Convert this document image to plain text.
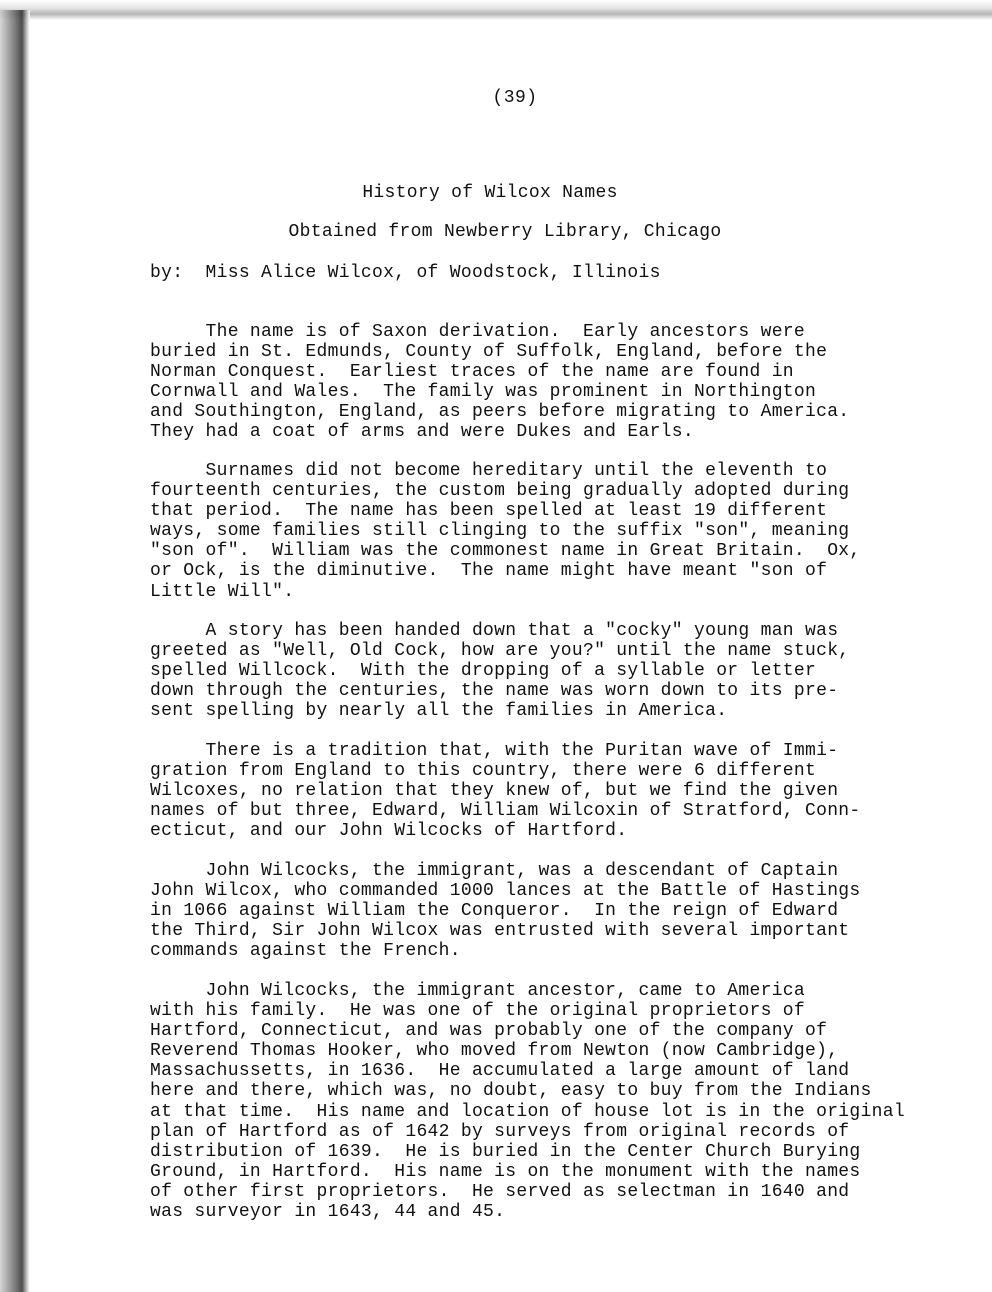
(39)
History of Wilcox Names
Obtained from Newberry Library, Chicago
by:  Miss Alice Wilcox, of Woodstock, Illinois
The name is of Saxon derivation.  Early ancestors were
buried in St. Edmunds, County of Suffolk, England, before the
Norman Conquest.  Earliest traces of the name are found in
Cornwall and Wales.  The family was prominent in Northington
and Southington, England, as peers before migrating to America.
They had a coat of arms and were Dukes and Earls.
Surnames did not become hereditary until the eleventh to
fourteenth centuries, the custom being gradually adopted during
that period.  The name has been spelled at least 19 different
ways, some families still clinging to the suffix "son", meaning
"son of".  William was the commonest name in Great Britain.  Ox,
or Ock, is the diminutive.  The name might have meant "son of
Little Will".
A story has been handed down that a "cocky" young man was
greeted as "Well, Old Cock, how are you?" until the name stuck,
spelled Willcock.  With the dropping of a syllable or letter
down through the centuries, the name was worn down to its pre-
sent spelling by nearly all the families in America.
There is a tradition that, with the Puritan wave of Immi-
gration from England to this country, there were 6 different
Wilcoxes, no relation that they knew of, but we find the given
names of but three, Edward, William Wilcoxin of Stratford, Conn-
ecticut, and our John Wilcocks of Hartford.
John Wilcocks, the immigrant, was a descendant of Captain
John Wilcox, who commanded 1000 lances at the Battle of Hastings
in 1066 against William the Conqueror.  In the reign of Edward
the Third, Sir John Wilcox was entrusted with several important
commands against the French.
John Wilcocks, the immigrant ancestor, came to America
with his family.  He was one of the original proprietors of
Hartford, Connecticut, and was probably one of the company of
Reverend Thomas Hooker, who moved from Newton (now Cambridge),
Massachussetts, in 1636.  He accumulated a large amount of land
here and there, which was, no doubt, easy to buy from the Indians
at that time.  His name and location of house lot is in the original
plan of Hartford as of 1642 by surveys from original records of
distribution of 1639.  He is buried in the Center Church Burying
Ground, in Hartford.  His name is on the monument with the names
of other first proprietors.  He served as selectman in 1640 and
was surveyor in 1643, 44 and 45.
